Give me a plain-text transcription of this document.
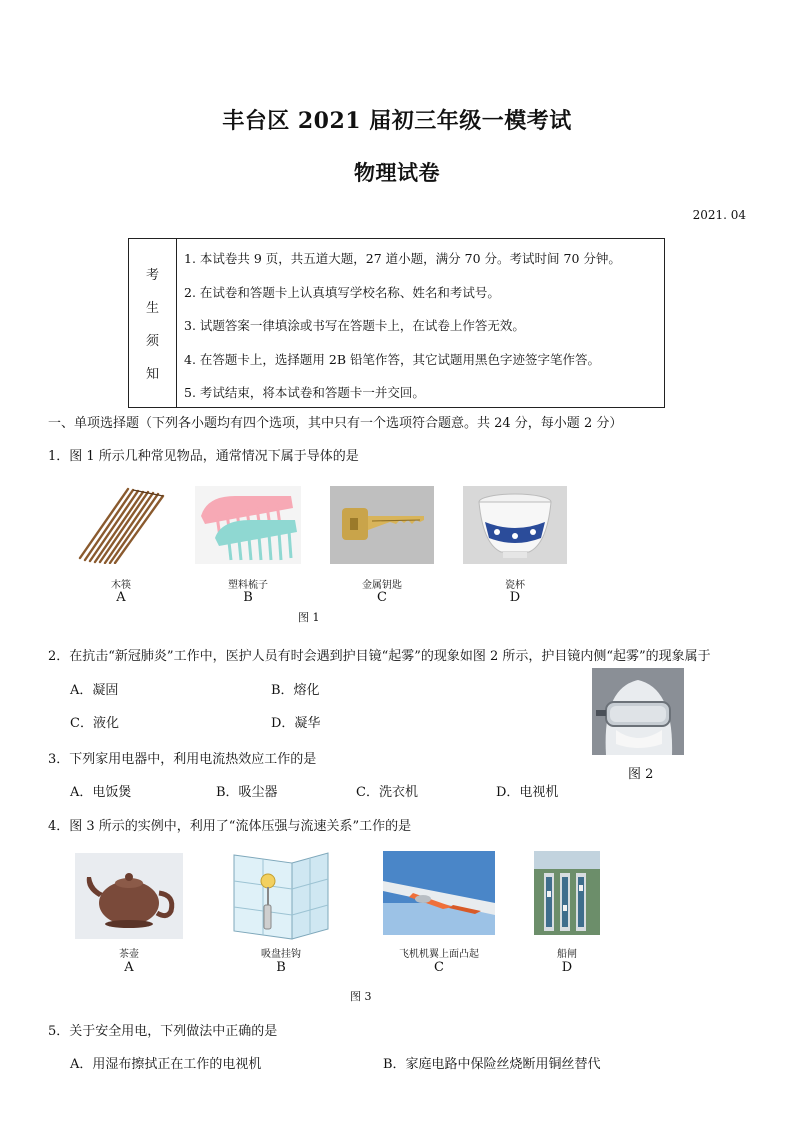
丰台区 2021 届初三年级一模考试
物理试卷
2021. 04
考
生
须
知
1. 本试卷共 9 页，共五道大题，27 道小题，满分 70 分。考试时间 70 分钟。
2. 在试卷和答题卡上认真填写学校名称、姓名和考试号。
3. 试题答案一律填涂或书写在答题卡上，在试卷上作答无效。
4. 在答题卡上，选择题用 2B 铅笔作答，其它试题用黑色字迹签字笔作答。
5. 考试结束，将本试卷和答题卡一并交回。
一、单项选择题（下列各小题均有四个选项，其中只有一个选项符合题意。共 24 分，每小题 2 分）
1．图 1 所示几种常见物品，通常情况下属于导体的是
木筷	塑料梳子	金属钥匙	瓷杯
A	B	C	D
图 1
2．在抗击“新冠肺炎”工作中，医护人员有时会遇到护目镜“起雾”的现象如图 2 所示，护目镜内侧“起雾”的现象属于
A．凝固	B．熔化
C．液化	D．凝华
图 2
3．下列家用电器中，利用电流热效应工作的是
A．电饭煲	B．吸尘器	C．洗衣机	D．电视机
4．图 3 所示的实例中，利用了“流体压强与流速关系”工作的是
茶壶	吸盘挂钩	飞机机翼上面凸起	船闸
A	B	C	D
图 3
5．关于安全用电，下列做法中正确的是
A．用湿布擦拭正在工作的电视机	B．家庭电路中保险丝烧断用铜丝替代
